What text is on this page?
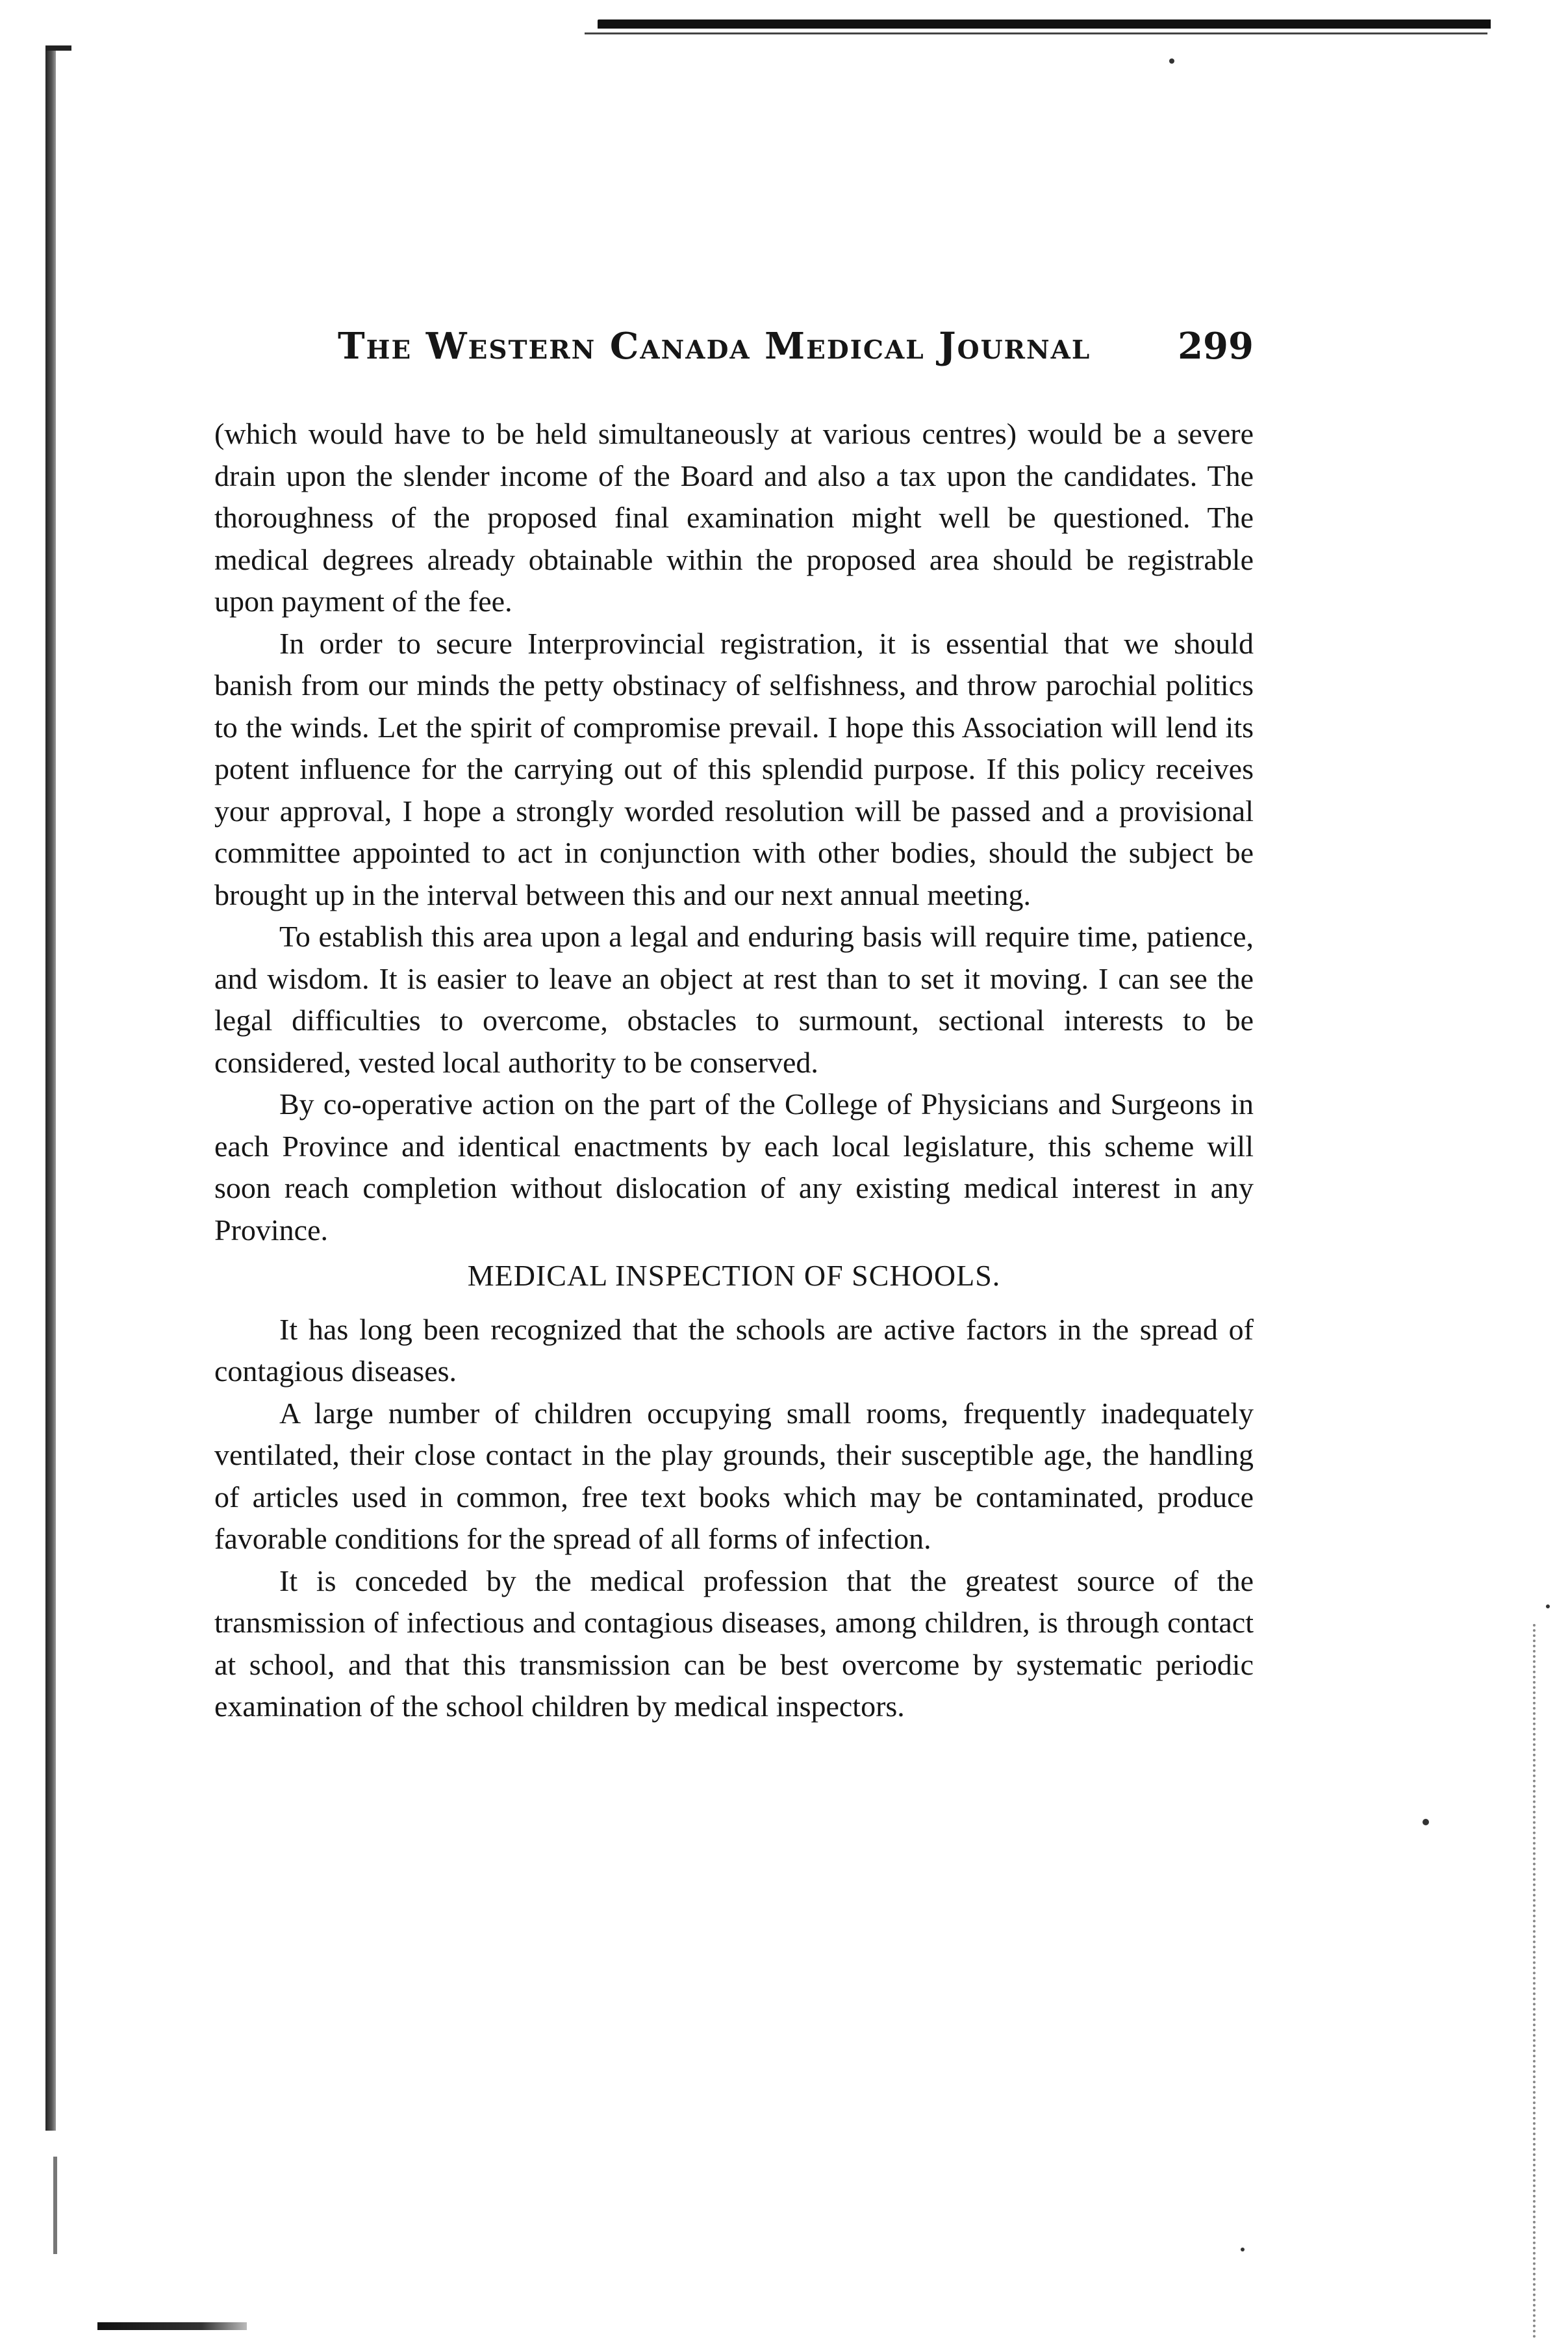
The Western Canada Medical Journal 299

(which would have to be held simultaneously at various centres) would be a severe drain upon the slender income of the Board and also a tax upon the candidates. The thoroughness of the proposed final examination might well be questioned. The medical degrees already obtainable within the proposed area should be registrable upon payment of the fee.

In order to secure Interprovincial registration, it is essential that we should banish from our minds the petty obstinacy of selfishness, and throw parochial politics to the winds. Let the spirit of compromise prevail. I hope this Association will lend its potent influence for the carrying out of this splendid purpose. If this policy receives your approval, I hope a strongly worded resolution will be passed and a provisional committee appointed to act in conjunction with other bodies, should the subject be brought up in the interval between this and our next annual meeting.

To establish this area upon a legal and enduring basis will require time, patience, and wisdom. It is easier to leave an object at rest than to set it moving. I can see the legal difficulties to overcome, obstacles to surmount, sectional interests to be considered, vested local authority to be conserved.

By co-operative action on the part of the College of Physicians and Surgeons in each Province and identical enactments by each local legislature, this scheme will soon reach completion without dislocation of any existing medical interest in any Province.

MEDICAL INSPECTION OF SCHOOLS.

It has long been recognized that the schools are active factors in the spread of contagious diseases.

A large number of children occupying small rooms, frequently inadequately ventilated, their close contact in the play grounds, their susceptible age, the handling of articles used in common, free text books which may be contaminated, produce favorable conditions for the spread of all forms of infection.

It is conceded by the medical profession that the greatest source of the transmission of infectious and contagious diseases, among children, is through contact at school, and that this transmission can be best overcome by systematic periodic examination of the school children by medical inspectors.
